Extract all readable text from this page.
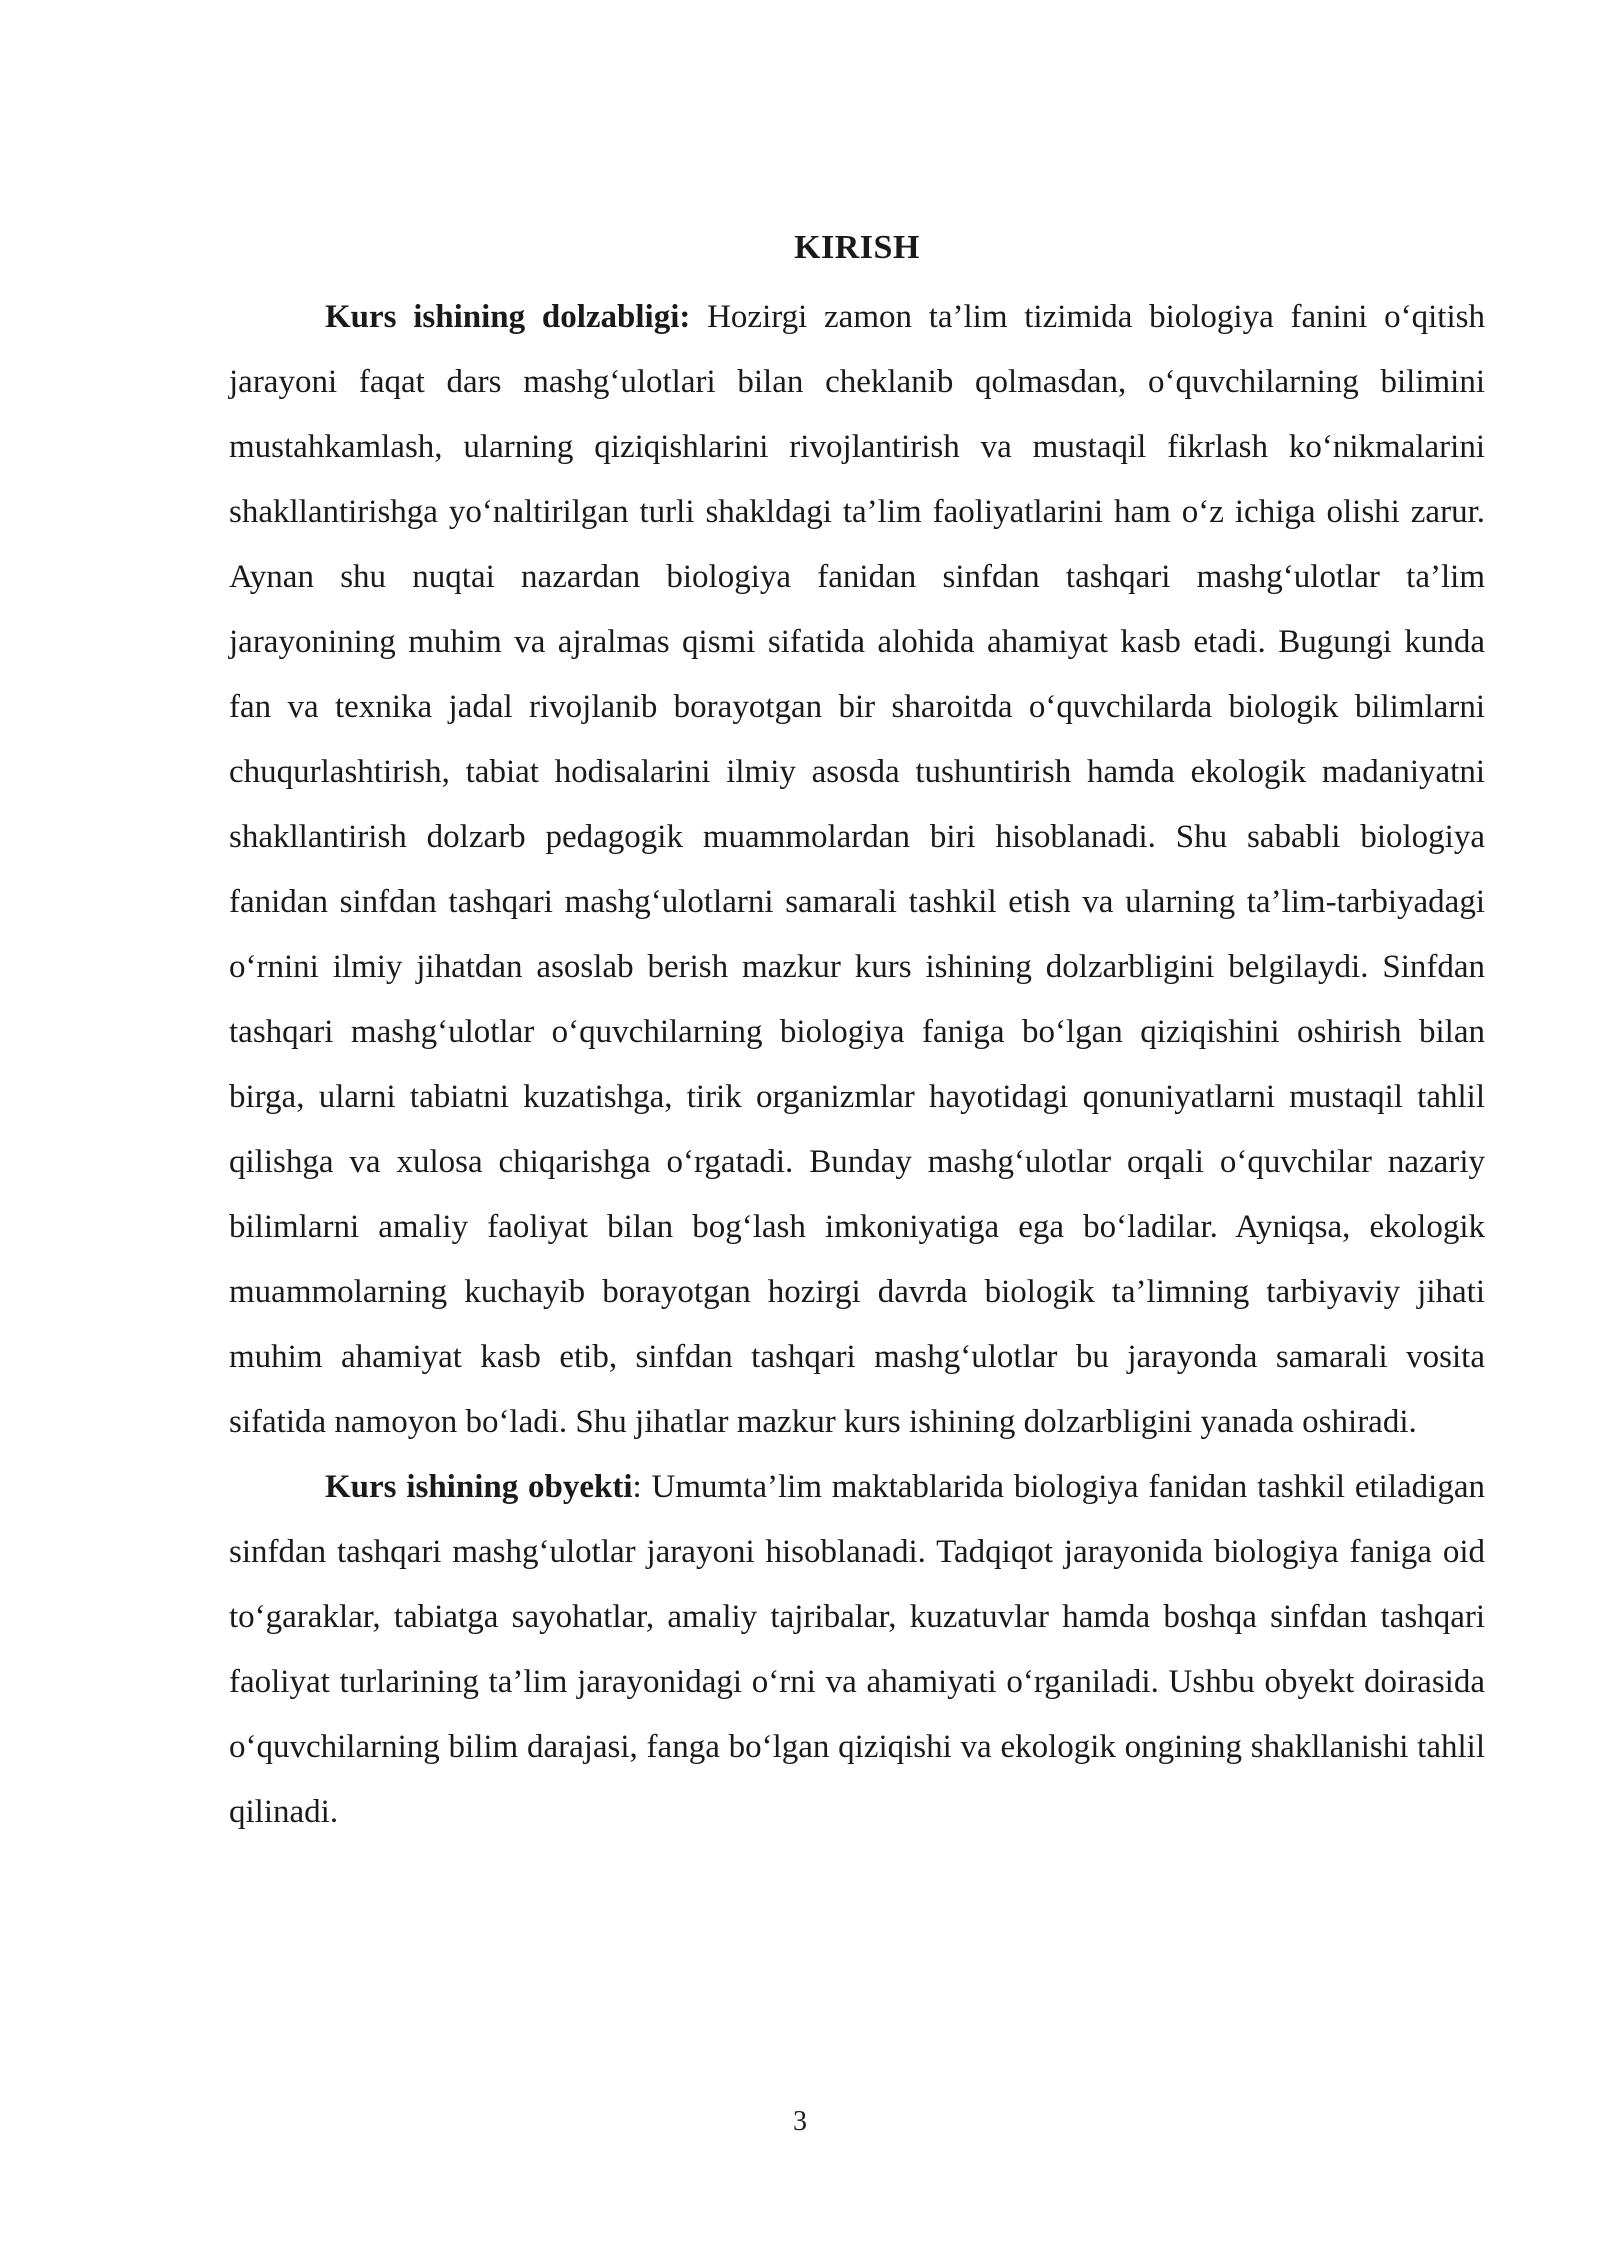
KIRISH

Kurs ishining dolzabligi: Hozirgi zamon ta’lim tizimida biologiya fanini o‘qitish jarayoni faqat dars mashg‘ulotlari bilan cheklanib qolmasdan, o‘quvchilarning bilimini mustahkamlash, ularning qiziqishlarini rivojlantirish va mustaqil fikrlash ko‘nikmalarini shakllantirishga yo‘naltirilgan turli shakldagi ta’lim faoliyatlarini ham o‘z ichiga olishi zarur. Aynan shu nuqtai nazardan biologiya fanidan sinfdan tashqari mashg‘ulotlar ta’lim jarayonining muhim va ajralmas qismi sifatida alohida ahamiyat kasb etadi. Bugungi kunda fan va texnika jadal rivojlanib borayotgan bir sharoitda o‘quvchilarda biologik bilimlarni chuqurlashtirish, tabiat hodisalarini ilmiy asosda tushuntirish hamda ekologik madaniyatni shakllantirish dolzarb pedagogik muammolardan biri hisoblanadi. Shu sababli biologiya fanidan sinfdan tashqari mashg‘ulotlarni samarali tashkil etish va ularning ta’lim-tarbiyadagi o‘rnini ilmiy jihatdan asoslab berish mazkur kurs ishining dolzarbligini belgilaydi. Sinfdan tashqari mashg‘ulotlar o‘quvchilarning biologiya faniga bo‘lgan qiziqishini oshirish bilan birga, ularni tabiatni kuzatishga, tirik organizmlar hayotidagi qonuniyatlarni mustaqil tahlil qilishga va xulosa chiqarishga o‘rgatadi. Bunday mashg‘ulotlar orqali o‘quvchilar nazariy bilimlarni amaliy faoliyat bilan bog‘lash imkoniyatiga ega bo‘ladilar. Ayniqsa, ekologik muammolarning kuchayib borayotgan hozirgi davrda biologik ta’limning tarbiyaviy jihati muhim ahamiyat kasb etib, sinfdan tashqari mashg‘ulotlar bu jarayonda samarali vosita sifatida namoyon bo‘ladi. Shu jihatlar mazkur kurs ishining dolzarbligini yanada oshiradi.

Kurs ishining obyekti: Umumta’lim maktablarida biologiya fanidan tashkil etiladigan sinfdan tashqari mashg‘ulotlar jarayoni hisoblanadi. Tadqiqot jarayonida biologiya faniga oid to‘garaklar, tabiatga sayohatlar, amaliy tajribalar, kuzatuvlar hamda boshqa sinfdan tashqari faoliyat turlarining ta’lim jarayonidagi o‘rni va ahamiyati o‘rganiladi. Ushbu obyekt doirasida o‘quvchilarning bilim darajasi, fanga bo‘lgan qiziqishi va ekologik ongining shakllanishi tahlil qilinadi.

3
